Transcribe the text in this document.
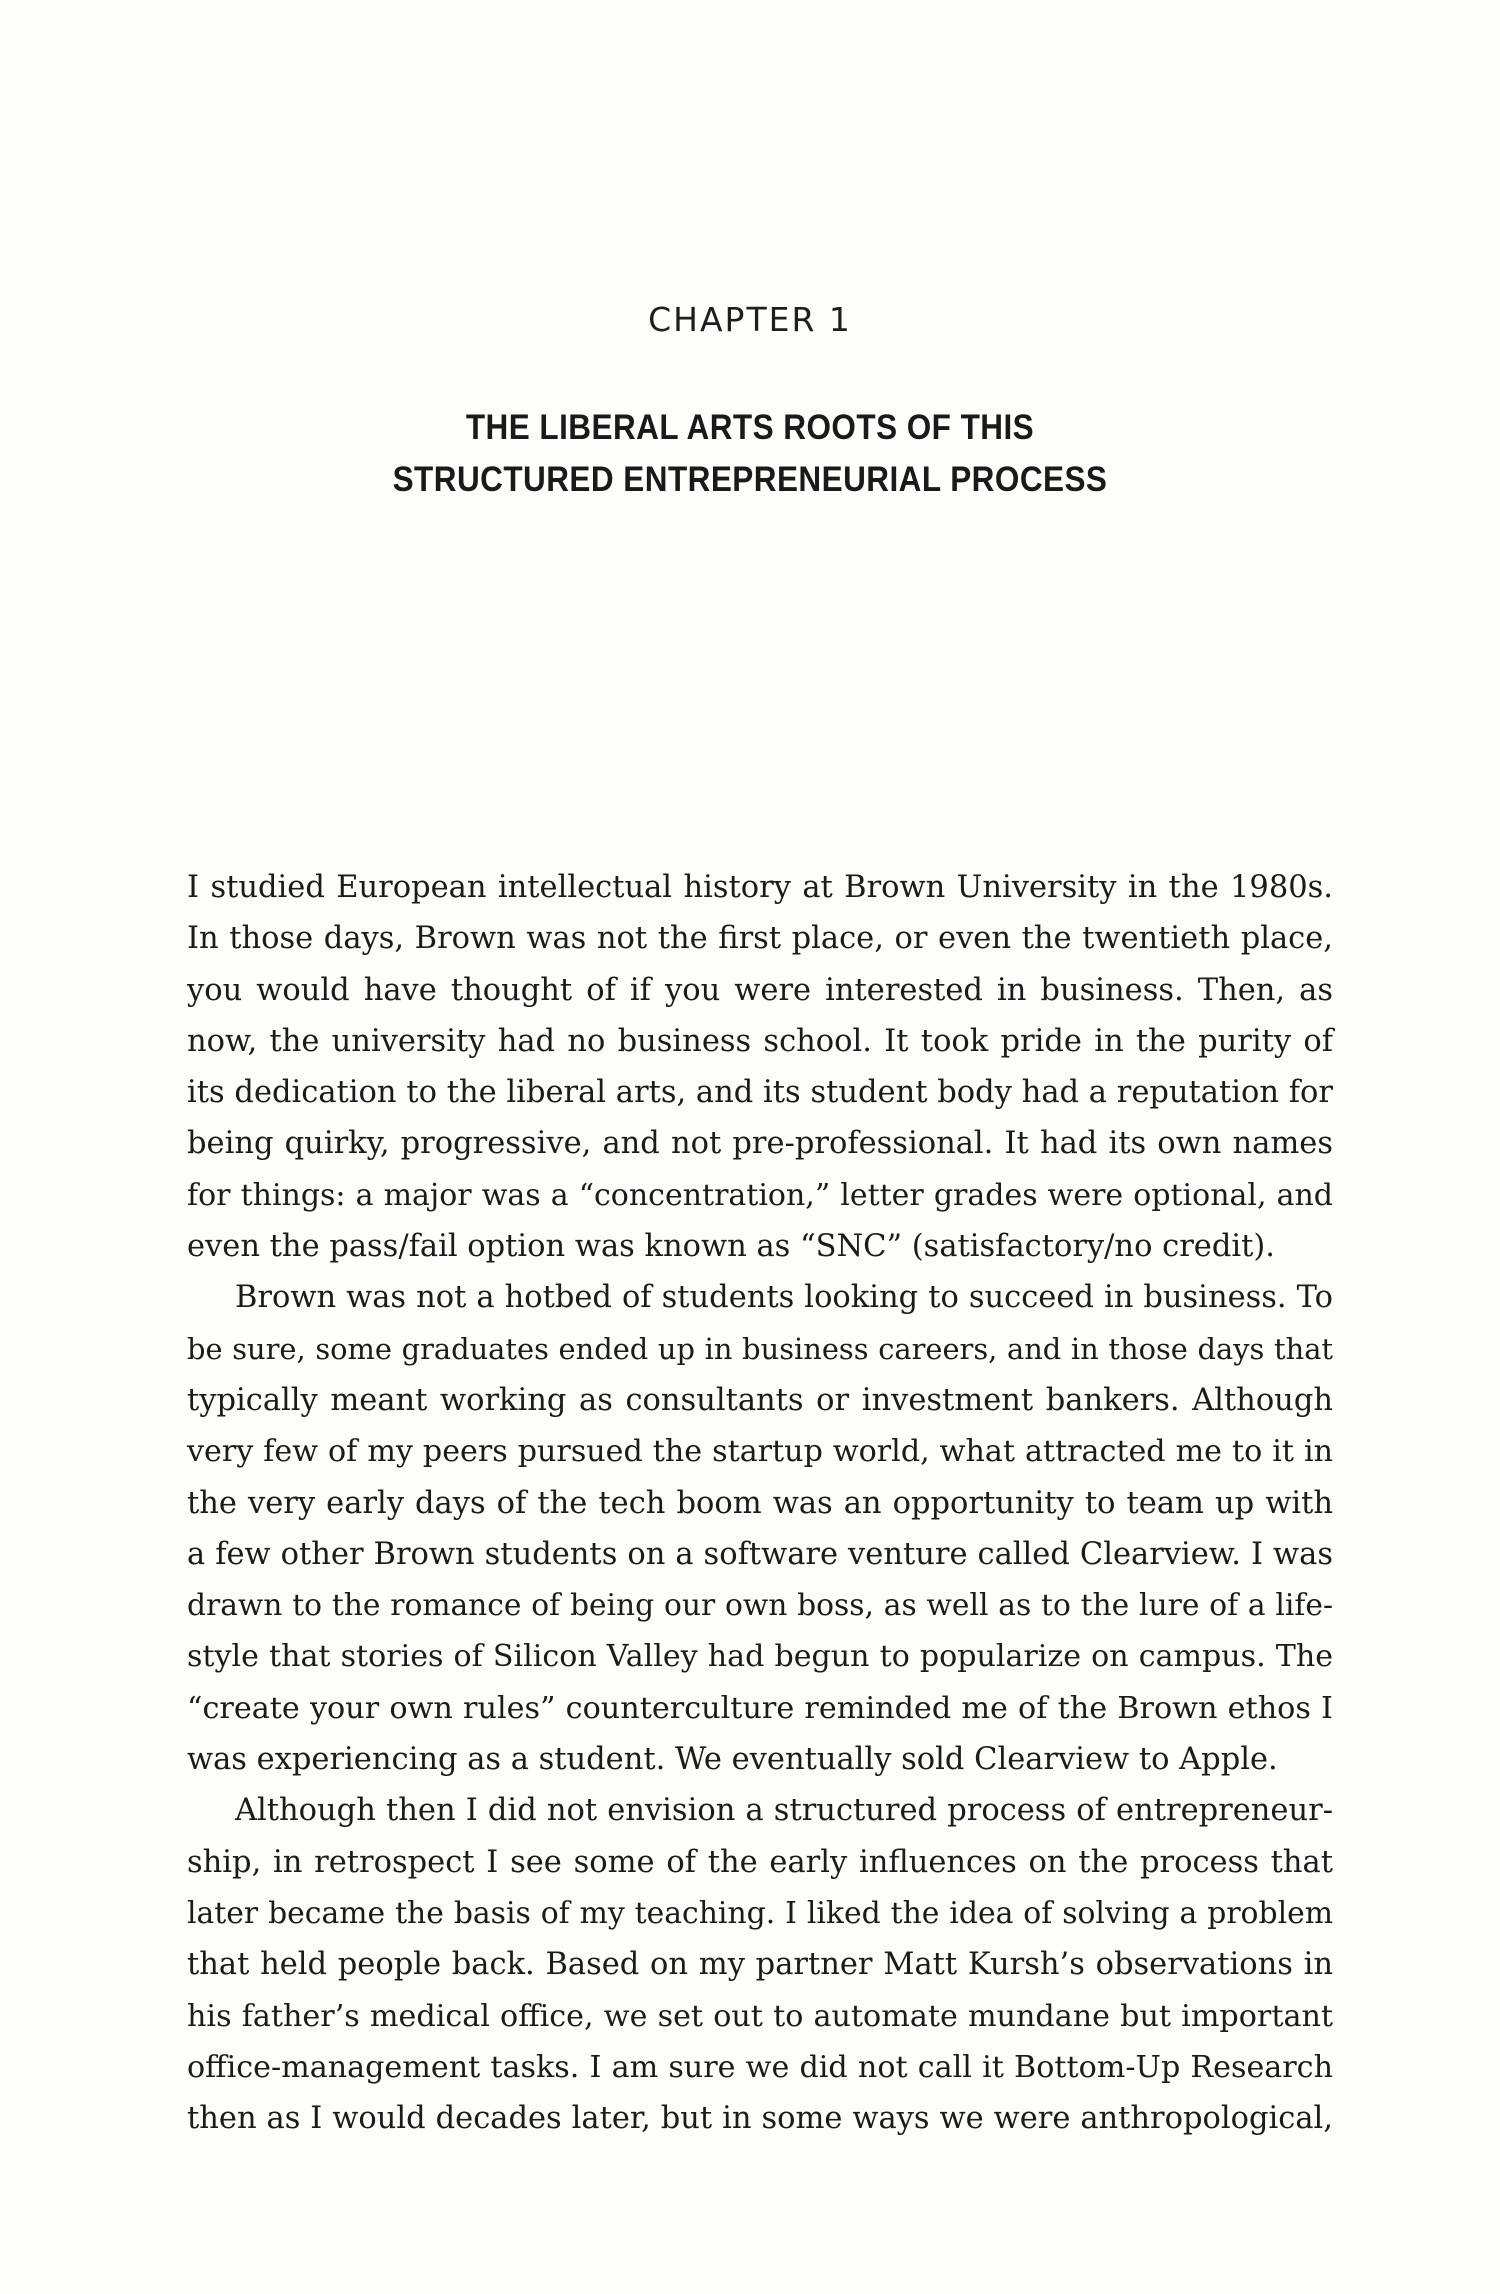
CHAPTER 1
THE LIBERAL ARTS ROOTS OF THIS
STRUCTURED ENTREPRENEURIAL PROCESS
I studied European intellectual history at Brown University in the 1980s.
In those days, Brown was not the first place, or even the twentieth place,
you would have thought of if you were interested in business. Then, as
now, the university had no business school. It took pride in the purity of
its dedication to the liberal arts, and its student body had a reputation for
being quirky, progressive, and not pre-professional. It had its own names
for things: a major was a “concentration,” letter grades were optional, and
even the pass/fail option was known as “SNC” (satisfactory/no credit).
Brown was not a hotbed of students looking to succeed in business. To
be sure, some graduates ended up in business careers, and in those days that
typically meant working as consultants or investment bankers. Although
very few of my peers pursued the startup world, what attracted me to it in
the very early days of the tech boom was an opportunity to team up with
a few other Brown students on a software venture called Clearview. I was
drawn to the romance of being our own boss, as well as to the lure of a life-
style that stories of Silicon Valley had begun to popularize on campus. The
“create your own rules” counterculture reminded me of the Brown ethos I
was experiencing as a student. We eventually sold Clearview to Apple.
Although then I did not envision a structured process of entrepreneur-
ship, in retrospect I see some of the early influences on the process that
later became the basis of my teaching. I liked the idea of solving a problem
that held people back. Based on my partner Matt Kursh’s observations in
his father’s medical office, we set out to automate mundane but important
office-management tasks. I am sure we did not call it Bottom-Up Research
then as I would decades later, but in some ways we were anthropological,
